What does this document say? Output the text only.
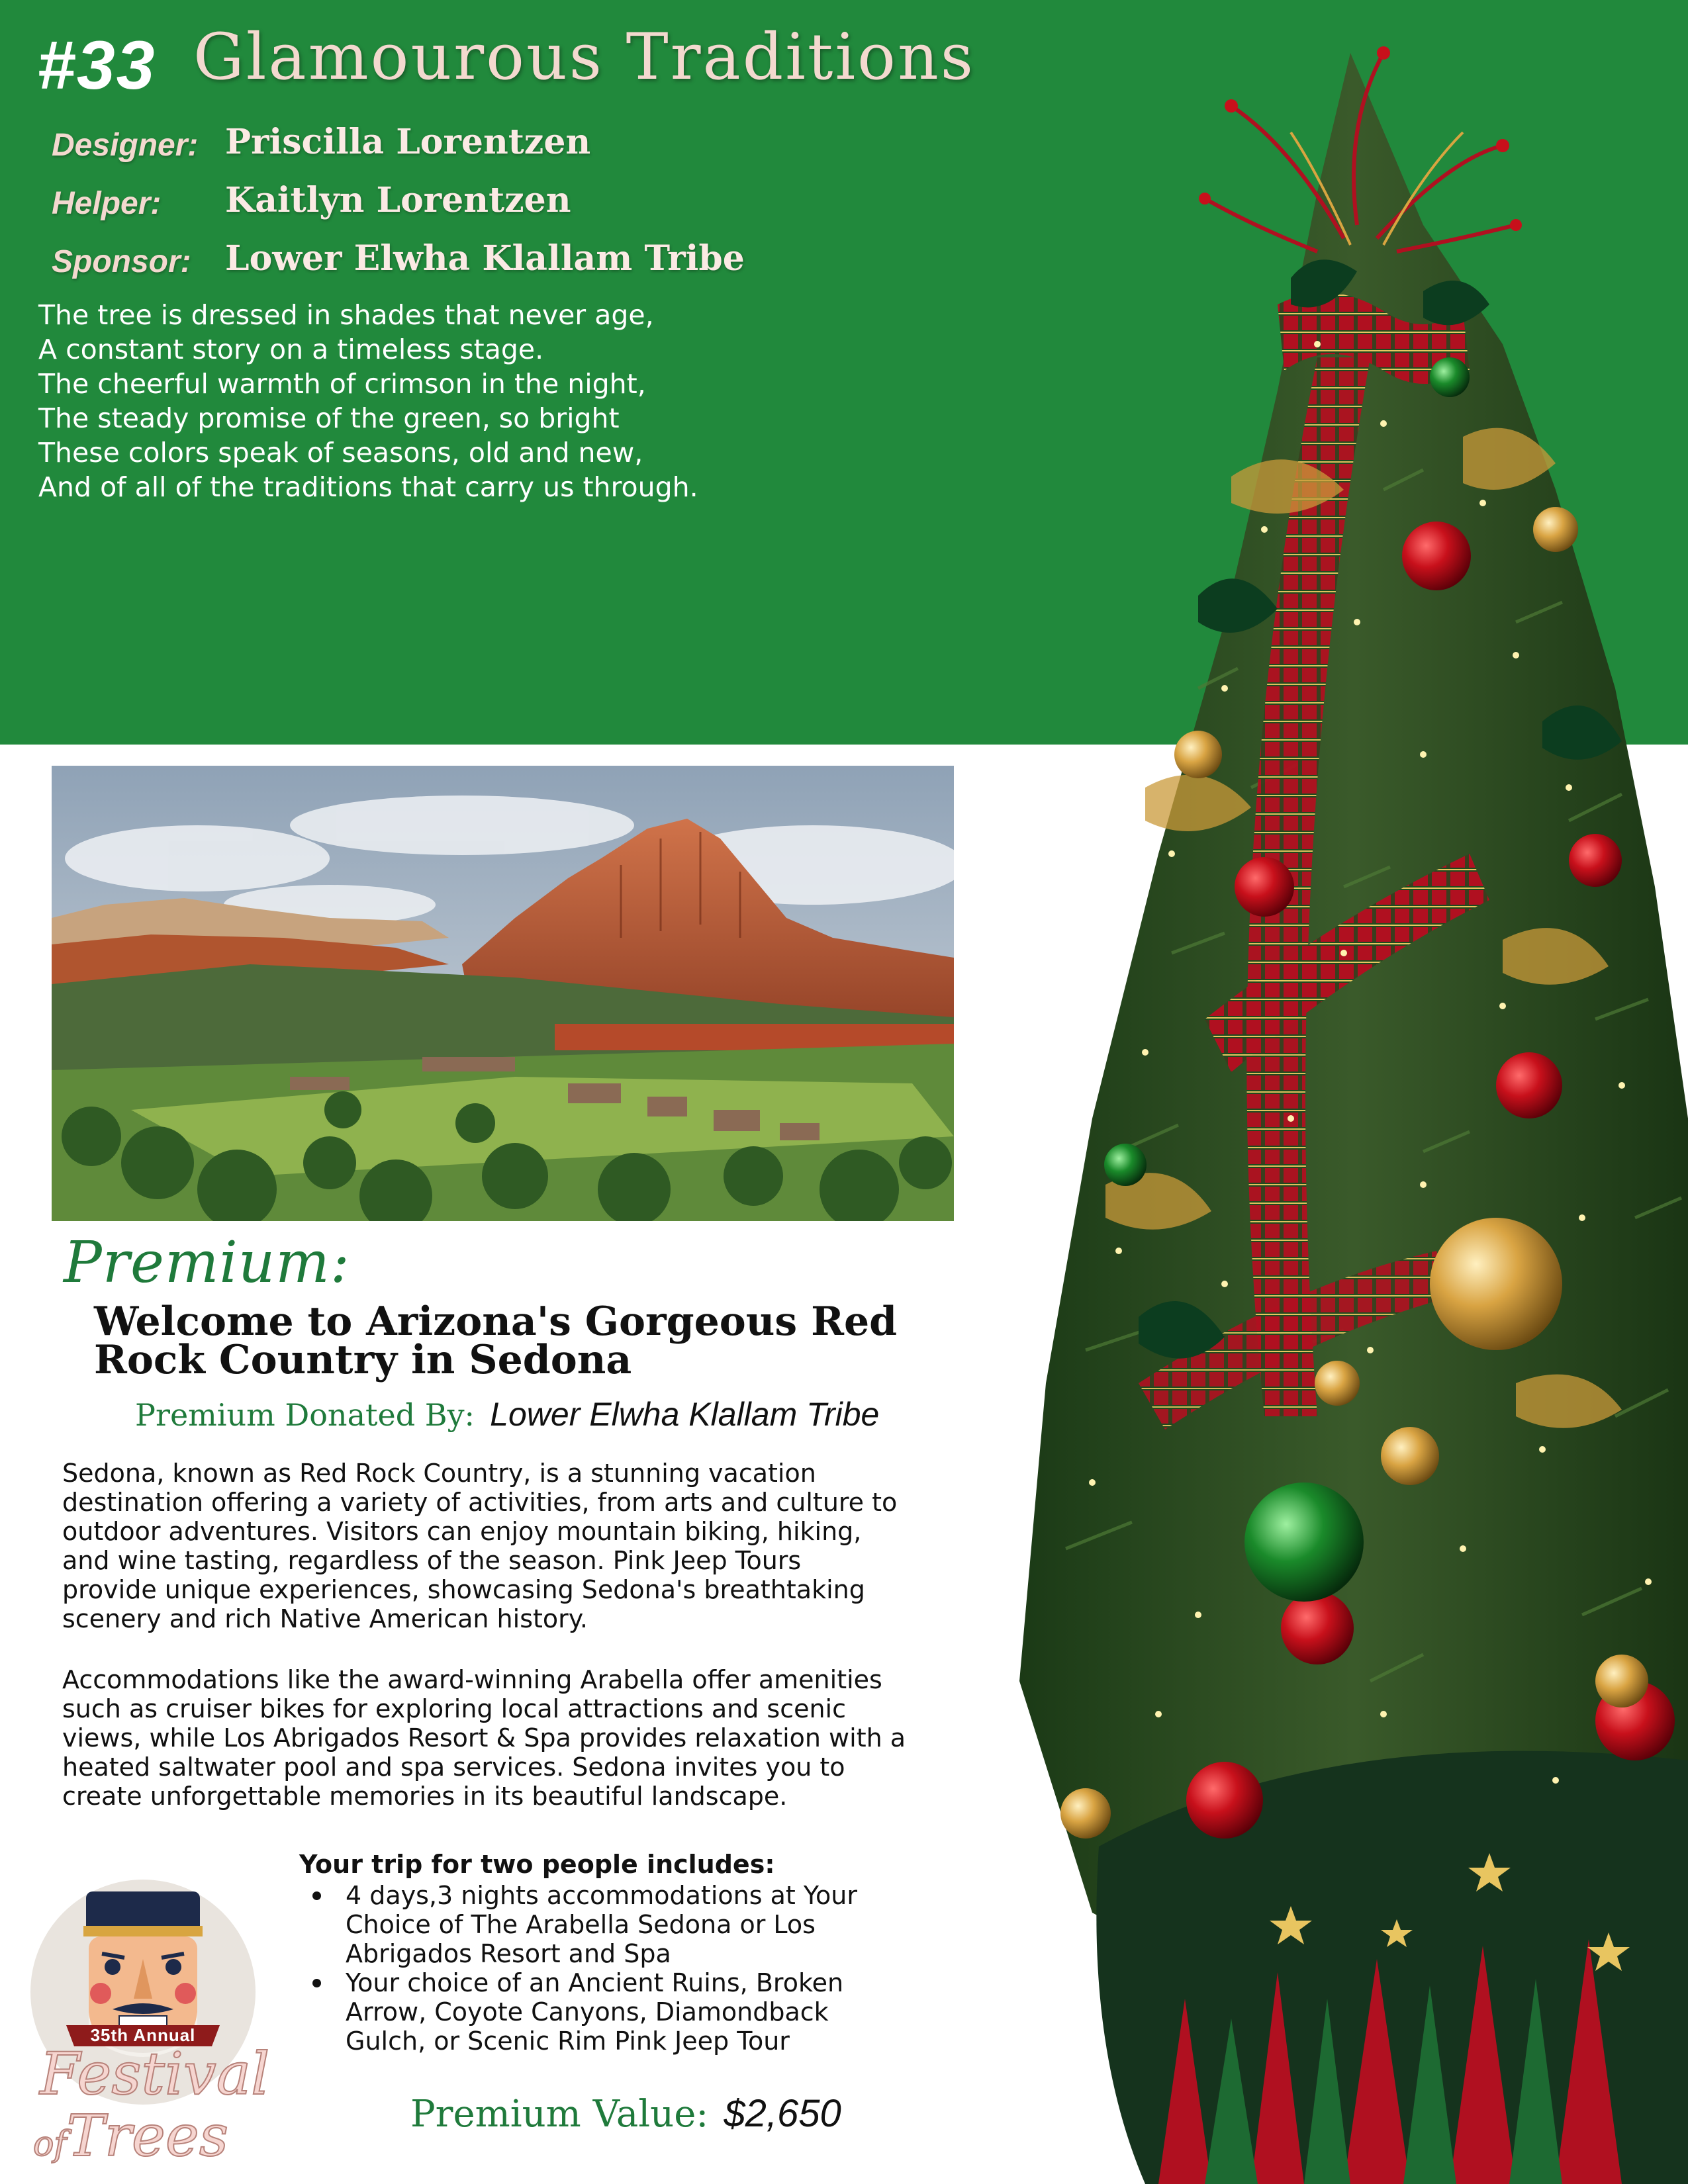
#33 Glamourous Traditions
Designer: Priscilla Lorentzen
Helper: Kaitlyn Lorentzen
Sponsor: Lower Elwha Klallam Tribe
The tree is dressed in shades that never age,
A constant story on a timeless stage.
The cheerful warmth of crimson in the night,
The steady promise of the green, so bright
These colors speak of seasons, old and new,
And of all of the traditions that carry us through.
Premium:
Welcome to Arizona's Gorgeous Red
Rock Country in Sedona
Premium Donated By: Lower Elwha Klallam Tribe
Sedona, known as Red Rock Country, is a stunning vacation
destination offering a variety of activities, from arts and culture to
outdoor adventures. Visitors can enjoy mountain biking, hiking,
and wine tasting, regardless of the season. Pink Jeep Tours
provide unique experiences, showcasing Sedona's breathtaking
scenery and rich Native American history.
Accommodations like the award-winning Arabella offer amenities
such as cruiser bikes for exploring local attractions and scenic
views, while Los Abrigados Resort & Spa provides relaxation with a
heated saltwater pool and spa services. Sedona invites you to
create unforgettable memories in its beautiful landscape.
Your trip for two people includes:
4 days,3 nights accommodations at Your
Choice of The Arabella Sedona or Los
Abrigados Resort and Spa
Your choice of an Ancient Ruins, Broken
Arrow, Coyote Canyons, Diamondback
Gulch, or Scenic Rim Pink Jeep Tour
Premium Value: $2,650
35th Annual
Festival
ofTrees
